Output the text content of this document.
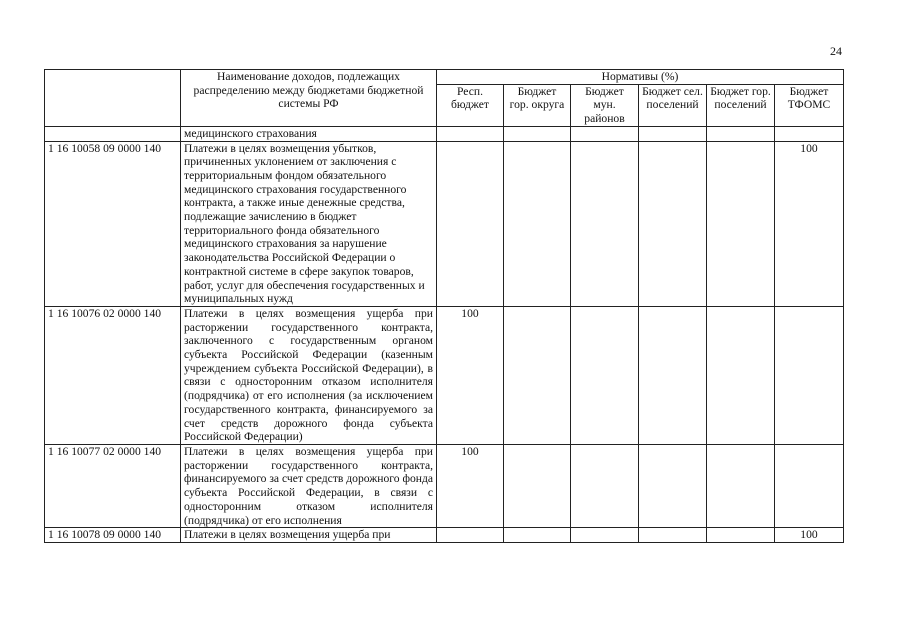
24
	Наименование доходов, подлежащих распределению между бюджетами бюджетной системы РФ	Нормативы (%)					
		Респ. бюджет	Бюджет гор. округа	Бюджет мун. районов	Бюджет сел. поселений	Бюджет гор. поселений	Бюджет ТФОМС
	медицинского страхования						
1 16 10058 09 0000 140	Платежи в целях возмещения убытков, причиненных уклонением от заключения с территориальным фондом обязательного медицинского страхования государственного контракта, а также иные денежные средства, подлежащие зачислению в бюджет территориального фонда обязательного медицинского страхования за нарушение законодательства Российской Федерации о контрактной системе в сфере закупок товаров, работ, услуг для обеспечения государственных и муниципальных нужд						100
1 16 10076 02 0000 140	Платежи в целях возмещения ущерба при расторжении государственного контракта, заключенного с государственным органом субъекта Российской Федерации (казенным учреждением субъекта Российской Федерации), в связи с односторонним отказом исполнителя (подрядчика) от его исполнения (за исключением государственного контракта, финансируемого за счет средств дорожного фонда субъекта Российской Федерации)	100					
1 16 10077 02 0000 140	Платежи в целях возмещения ущерба при расторжении государственного контракта, финансируемого за счет средств дорожного фонда субъекта Российской Федерации, в связи с односторонним отказом исполнителя (подрядчика) от его исполнения	100					
1 16 10078 09 0000 140	Платежи в целях возмещения ущерба при						100
